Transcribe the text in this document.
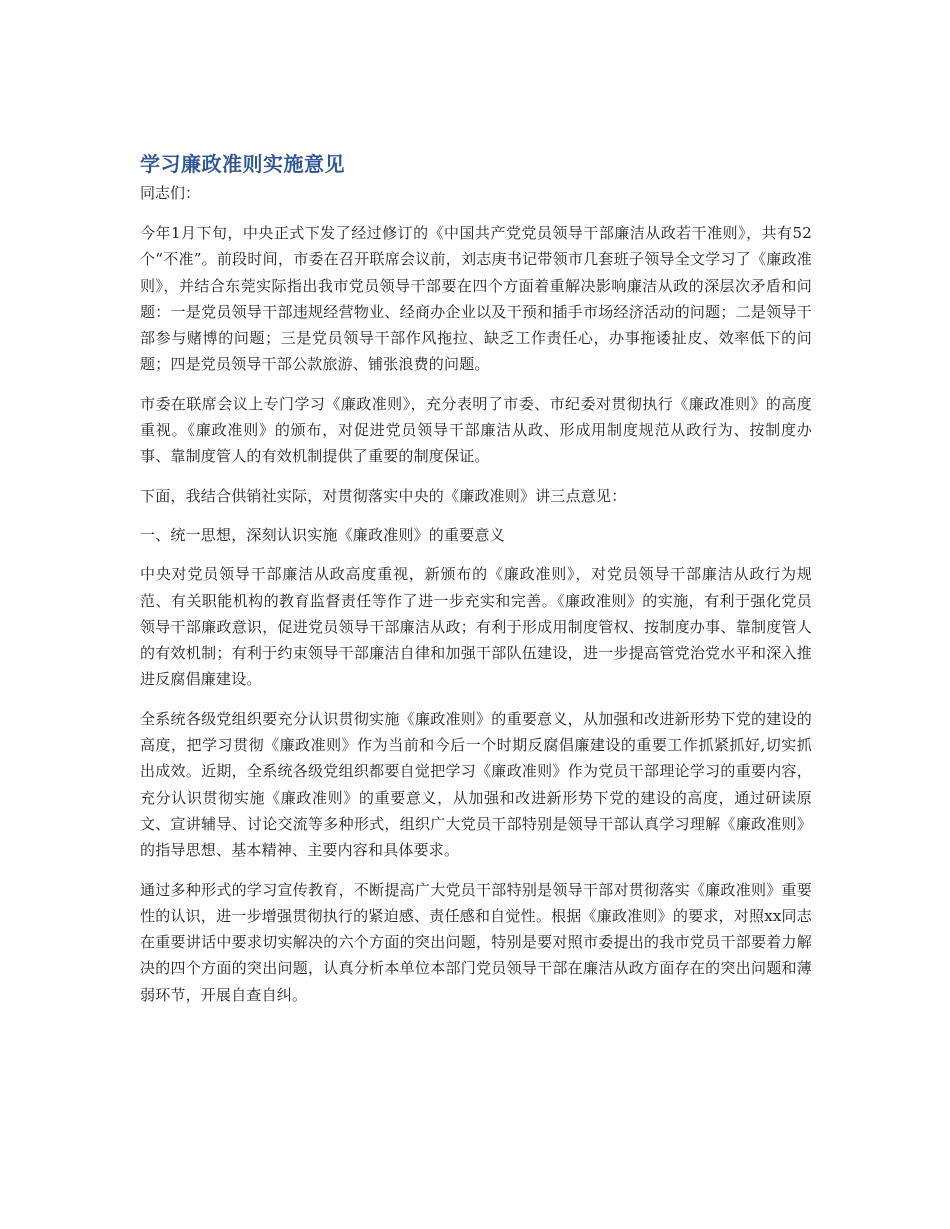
学习廉政准则实施意见

同志们：

今年1月下旬，中央正式下发了经过修订的《中国共产党党员领导干部廉洁从政若干准则》，共有52个“不准”。前段时间，市委在召开联席会议前，刘志庚书记带领市几套班子领导全文学习了《廉政准则》，并结合东莞实际指出我市党员领导干部要在四个方面着重解决影响廉洁从政的深层次矛盾和问题：一是党员领导干部违规经营物业、经商办企业以及干预和插手市场经济活动的问题；二是领导干部参与赌博的问题；三是党员领导干部作风拖拉、缺乏工作责任心，办事拖诿扯皮、效率低下的问题；四是党员领导干部公款旅游、铺张浪费的问题。

市委在联席会议上专门学习《廉政准则》，充分表明了市委、市纪委对贯彻执行《廉政准则》的高度重视。《廉政准则》的颁布，对促进党员领导干部廉洁从政、形成用制度规范从政行为、按制度办事、靠制度管人的有效机制提供了重要的制度保证。

下面，我结合供销社实际，对贯彻落实中央的《廉政准则》讲三点意见：

一、统一思想，深刻认识实施《廉政准则》的重要意义

中央对党员领导干部廉洁从政高度重视，新颁布的《廉政准则》，对党员领导干部廉洁从政行为规范、有关职能机构的教育监督责任等作了进一步充实和完善。《廉政准则》的实施，有利于强化党员领导干部廉政意识，促进党员领导干部廉洁从政；有利于形成用制度管权、按制度办事、靠制度管人的有效机制；有利于约束领导干部廉洁自律和加强干部队伍建设，进一步提高管党治党水平和深入推进反腐倡廉建设。

全系统各级党组织要充分认识贯彻实施《廉政准则》的重要意义，从加强和改进新形势下党的建设的高度，把学习贯彻《廉政准则》作为当前和今后一个时期反腐倡廉建设的重要工作抓紧抓好,切实抓出成效。近期，全系统各级党组织都要自觉把学习《廉政准则》作为党员干部理论学习的重要内容，充分认识贯彻实施《廉政准则》的重要意义，从加强和改进新形势下党的建设的高度，通过研读原文、宣讲辅导、讨论交流等多种形式，组织广大党员干部特别是领导干部认真学习理解《廉政准则》的指导思想、基本精神、主要内容和具体要求。

通过多种形式的学习宣传教育，不断提高广大党员干部特别是领导干部对贯彻落实《廉政准则》重要性的认识，进一步增强贯彻执行的紧迫感、责任感和自觉性。根据《廉政准则》的要求，对照xx同志在重要讲话中要求切实解决的六个方面的突出问题，特别是要对照市委提出的我市党员干部要着力解决的四个方面的突出问题，认真分析本单位本部门党员领导干部在廉洁从政方面存在的突出问题和薄弱环节，开展自查自纠。
